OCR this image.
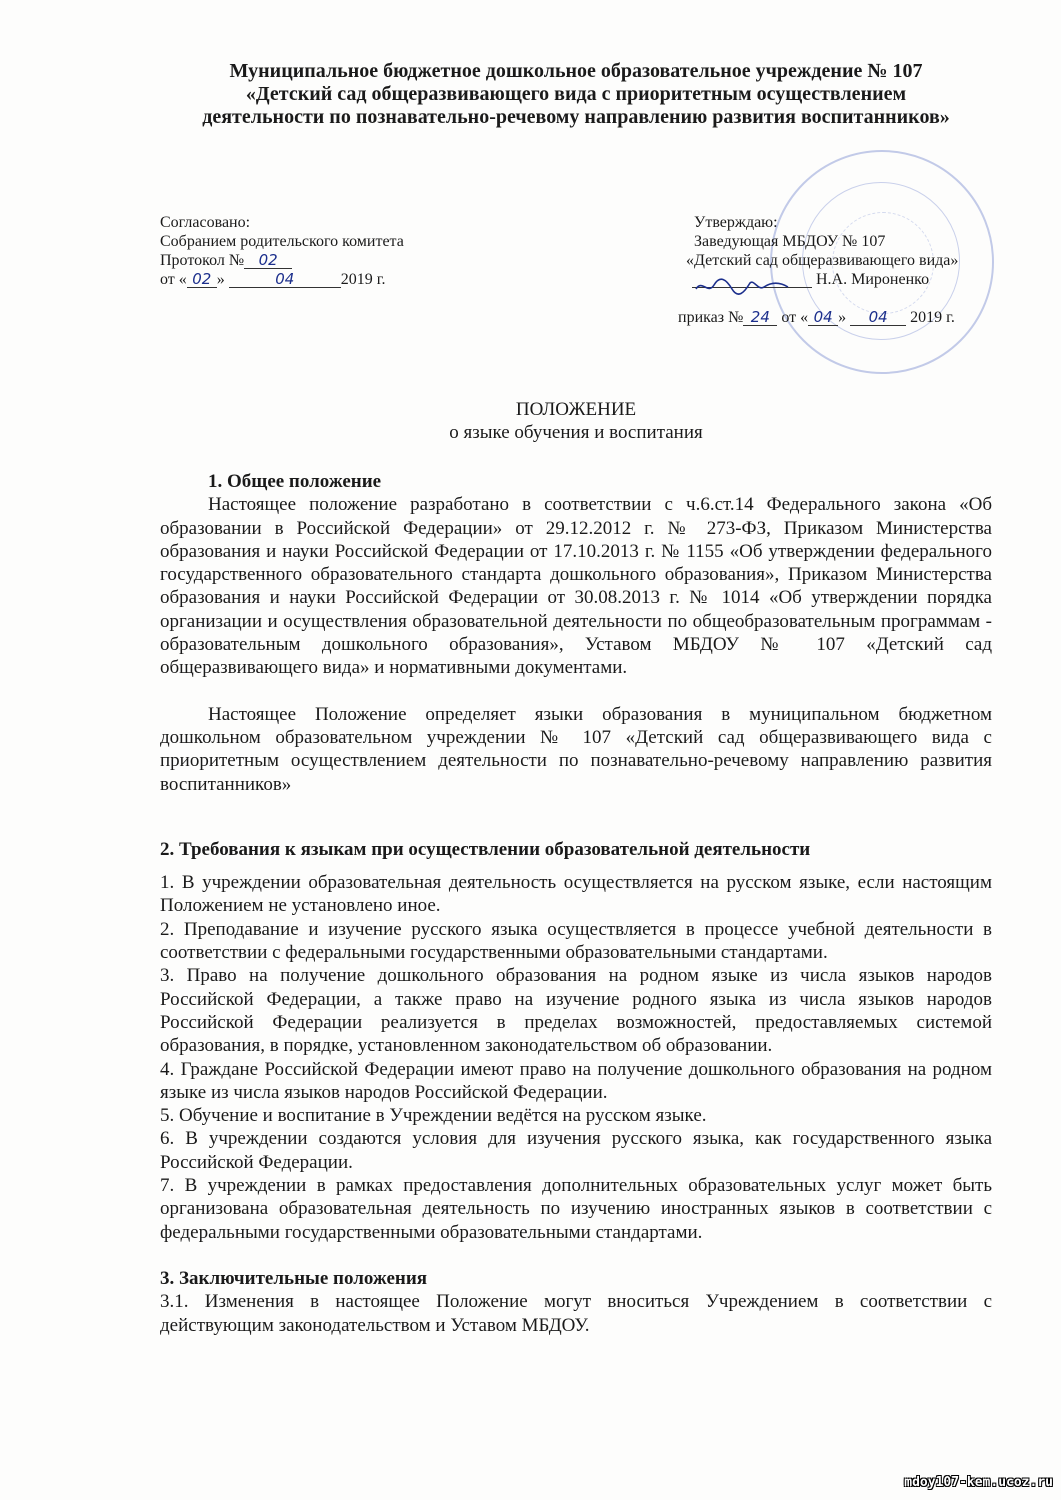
Муниципальное бюджетное дошкольное образовательное учреждение № 107
«Детский сад общеразвивающего вида с приоритетным осуществлением
деятельности по познавательно-речевому направлению развития воспитанников»
Согласовано:
Собранием родительского комитета
Протокол № 02
от « 02 »	04	2019 г.
Утверждаю:
Заведующая МБДОУ № 107
«Детский сад общеразвивающего вида»
Н.А. Мироненко
приказ № 24 от « 04 » 04 2019 г.
ПОЛОЖЕНИЕ
о языке обучения и воспитания

1. Общее положение

Настоящее положение разработано в соответствии с ч.6.ст.14 Федерального закона «Об образовании в Российской Федерации» от 29.12.2012 г. № 273-ФЗ, Приказом Министерства образования и науки Российской Федерации от 17.10.2013 г. № 1155 «Об утверждении федерального государственного образовательного стандарта дошкольного образования», Приказом Министерства образования и науки Российской Федерации от 30.08.2013 г. № 1014 «Об утверждении порядка организации и осуществления образовательной деятельности по общеобразовательным программам - образовательным дошкольного образования», Уставом МБДОУ № 107 «Детский сад общеразвивающего вида» и нормативными документами.

Настоящее Положение определяет языки образования в муниципальном бюджетном дошкольном образовательном учреждении № 107 «Детский сад общеразвивающего вида с приоритетным осуществлением деятельности по познавательно-речевому направлению развития воспитанников»

2. Требования к языкам при осуществлении образовательной деятельности

1. В учреждении образовательная деятельность осуществляется на русском языке, если настоящим Положением не установлено иное.

2. Преподавание и изучение русского языка осуществляется в процессе учебной деятельности в соответствии с федеральными государственными образовательными стандартами.

3. Право на получение дошкольного образования на родном языке из числа языков народов Российской Федерации, а также право на изучение родного языка из числа языков народов Российской Федерации реализуется в пределах возможностей, предоставляемых системой образования, в порядке, установленном законодательством об образовании.

4. Граждане Российской Федерации имеют право на получение дошкольного образования на родном языке из числа языков народов Российской Федерации.

5. Обучение и воспитание в Учреждении ведётся на русском языке.

6. В учреждении создаются условия для изучения русского языка, как государственного языка Российской Федерации.

7. В учреждении в рамках предоставления дополнительных образовательных услуг может быть организована образовательная деятельность по изучению иностранных языков в соответствии с федеральными государственными образовательными стандартами.

3. Заключительные положения

3.1. Изменения в настоящее Положение могут вноситься Учреждением в соответствии с действующим законодательством и Уставом МБДОУ.

mdoy107-kem.ucoz.ru
